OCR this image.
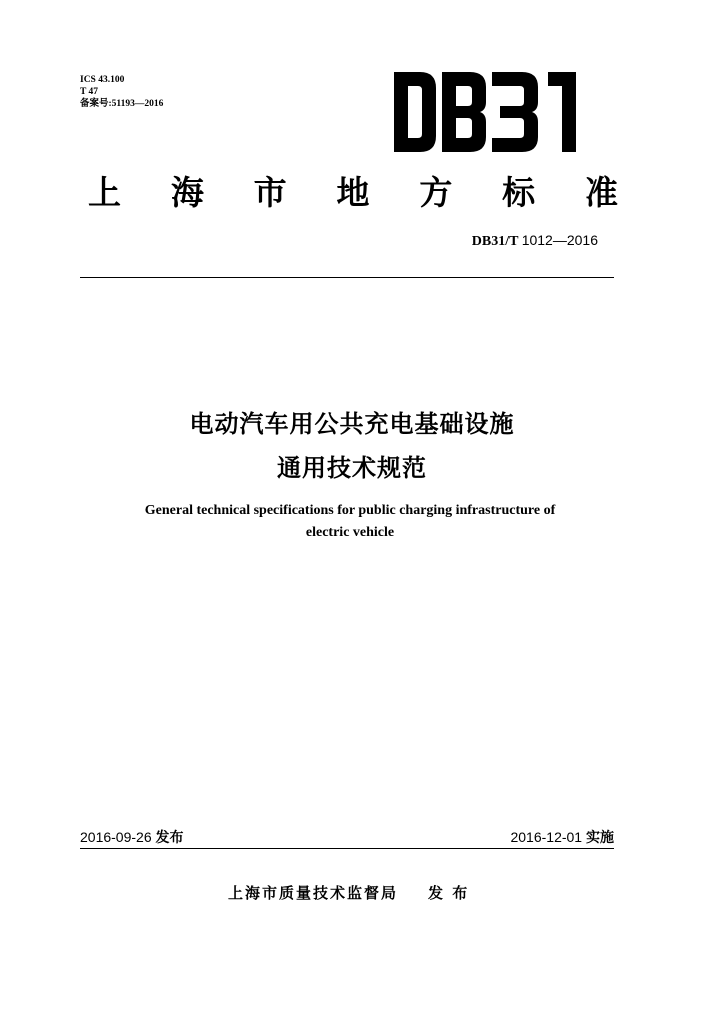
ICS 43.100
T 47
备案号:51193—2016
上 海 市 地 方 标 准
DB31/T 1012—2016
电动汽车用公共充电基础设施
通用技术规范
General technical specifications for public charging infrastructure of
electric vehicle
2016-09-26 发布	2016-12-01 实施
上海市质量技术监督局 发 布
